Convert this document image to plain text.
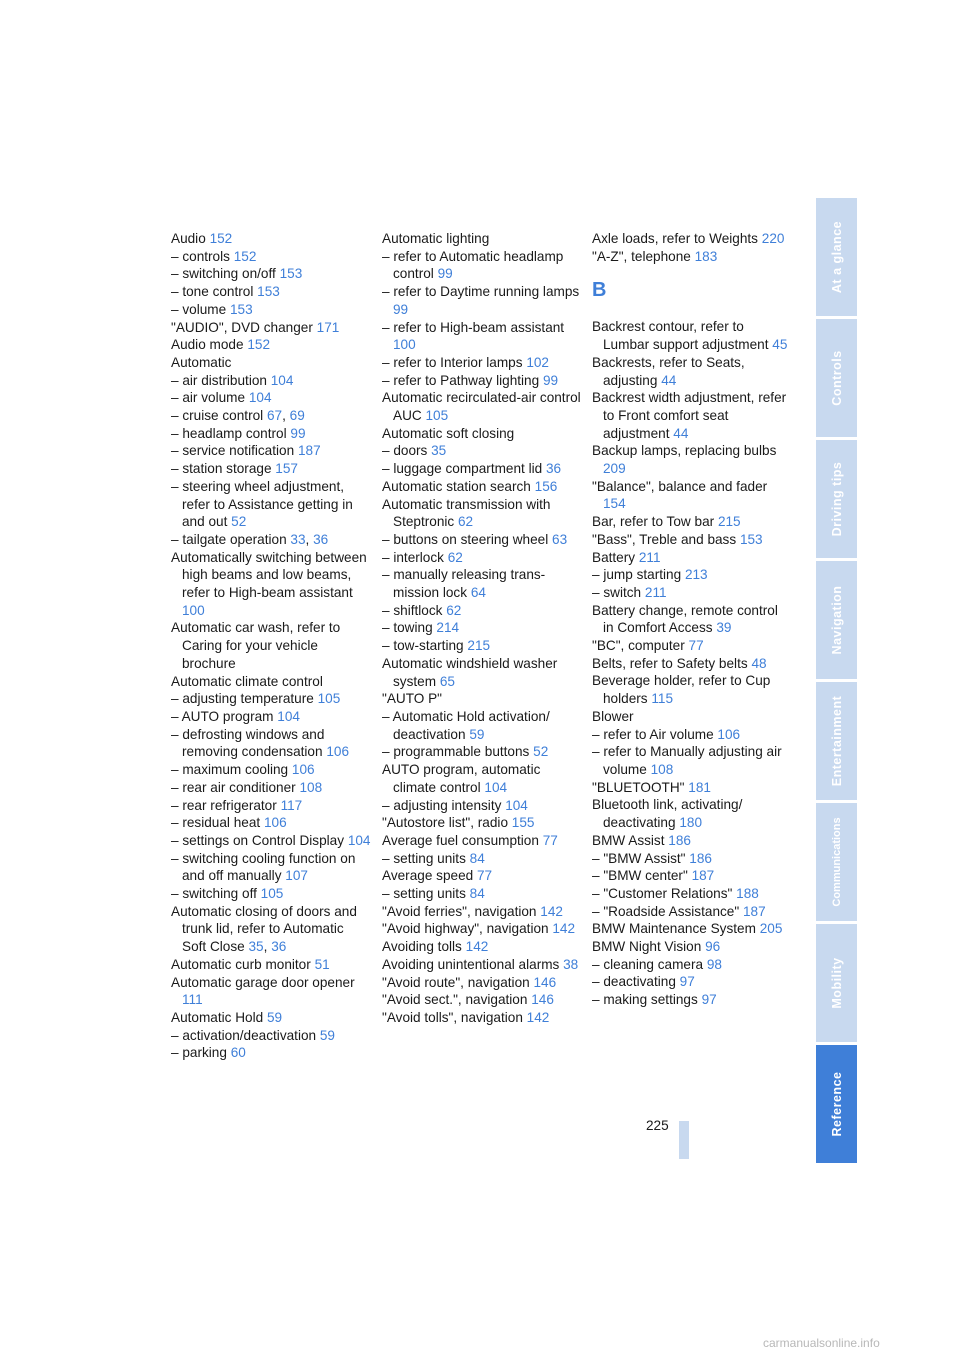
Audio 152
– controls 152
– switching on/off 153
– tone control 153
– volume 153
"AUDIO", DVD changer 171
Audio mode 152
Automatic
– air distribution 104
– air volume 104
– cruise control 67, 69
– headlamp control 99
– service notification 187
– station storage 157
– steering wheel adjustment, refer to Assistance getting in and out 52
– tailgate operation 33, 36
Automatically switching between high beams and low beams, refer to High-beam assistant 100
Automatic car wash, refer to Caring for your vehicle brochure
Automatic climate control
– adjusting temperature 105
– AUTO program 104
– defrosting windows and removing condensation 106
– maximum cooling 106
– rear air conditioner 108
– rear refrigerator 117
– residual heat 106
– settings on Control Display 104
– switching cooling function on and off manually 107
– switching off 105
Automatic closing of doors and trunk lid, refer to Automatic Soft Close 35, 36
Automatic curb monitor 51
Automatic garage door opener 111
Automatic Hold 59
– activation/deactivation 59
– parking 60
Automatic lighting
– refer to Automatic headlamp control 99
– refer to Daytime running lamps 99
– refer to High-beam assistant 100
– refer to Interior lamps 102
– refer to Pathway lighting 99
Automatic recirculated-air control AUC 105
Automatic soft closing
– doors 35
– luggage compartment lid 36
Automatic station search 156
Automatic transmission with Steptronic 62
– buttons on steering wheel 63
– interlock 62
– manually releasing trans-mission lock 64
– shiftlock 62
– towing 214
– tow-starting 215
Automatic windshield washer system 65
"AUTO P"
– Automatic Hold activation/ deactivation 59
– programmable buttons 52
AUTO program, automatic climate control 104
– adjusting intensity 104
"Autostore list", radio 155
Average fuel consumption 77
– setting units 84
Average speed 77
– setting units 84
"Avoid ferries", navigation 142
"Avoid highway", navigation 142
Avoiding tolls 142
Avoiding unintentional alarms 38
"Avoid route", navigation 146
"Avoid sect.", navigation 146
"Avoid tolls", navigation 142
Axle loads, refer to Weights 220
"A-Z", telephone 183
B
Backrest contour, refer to Lumbar support adjustment 45
Backrests, refer to Seats, adjusting 44
Backrest width adjustment, refer to Front comfort seat adjustment 44
Backup lamps, replacing bulbs 209
"Balance", balance and fader 154
Bar, refer to Tow bar 215
"Bass", Treble and bass 153
Battery 211
– jump starting 213
– switch 211
Battery change, remote control in Comfort Access 39
"BC", computer 77
Belts, refer to Safety belts 48
Beverage holder, refer to Cup holders 115
Blower
– refer to Air volume 106
– refer to Manually adjusting air volume 108
"BLUETOOTH" 181
Bluetooth link, activating/ deactivating 180
BMW Assist 186
– "BMW Assist" 186
– "BMW center" 187
– "Customer Relations" 188
– "Roadside Assistance" 187
BMW Maintenance System 205
BMW Night Vision 96
– cleaning camera 98
– deactivating 97
– making settings 97
At a glance
Controls
Driving tips
Navigation
Entertainment
Communications
Mobility
Reference
225
carmanualsonline.info
